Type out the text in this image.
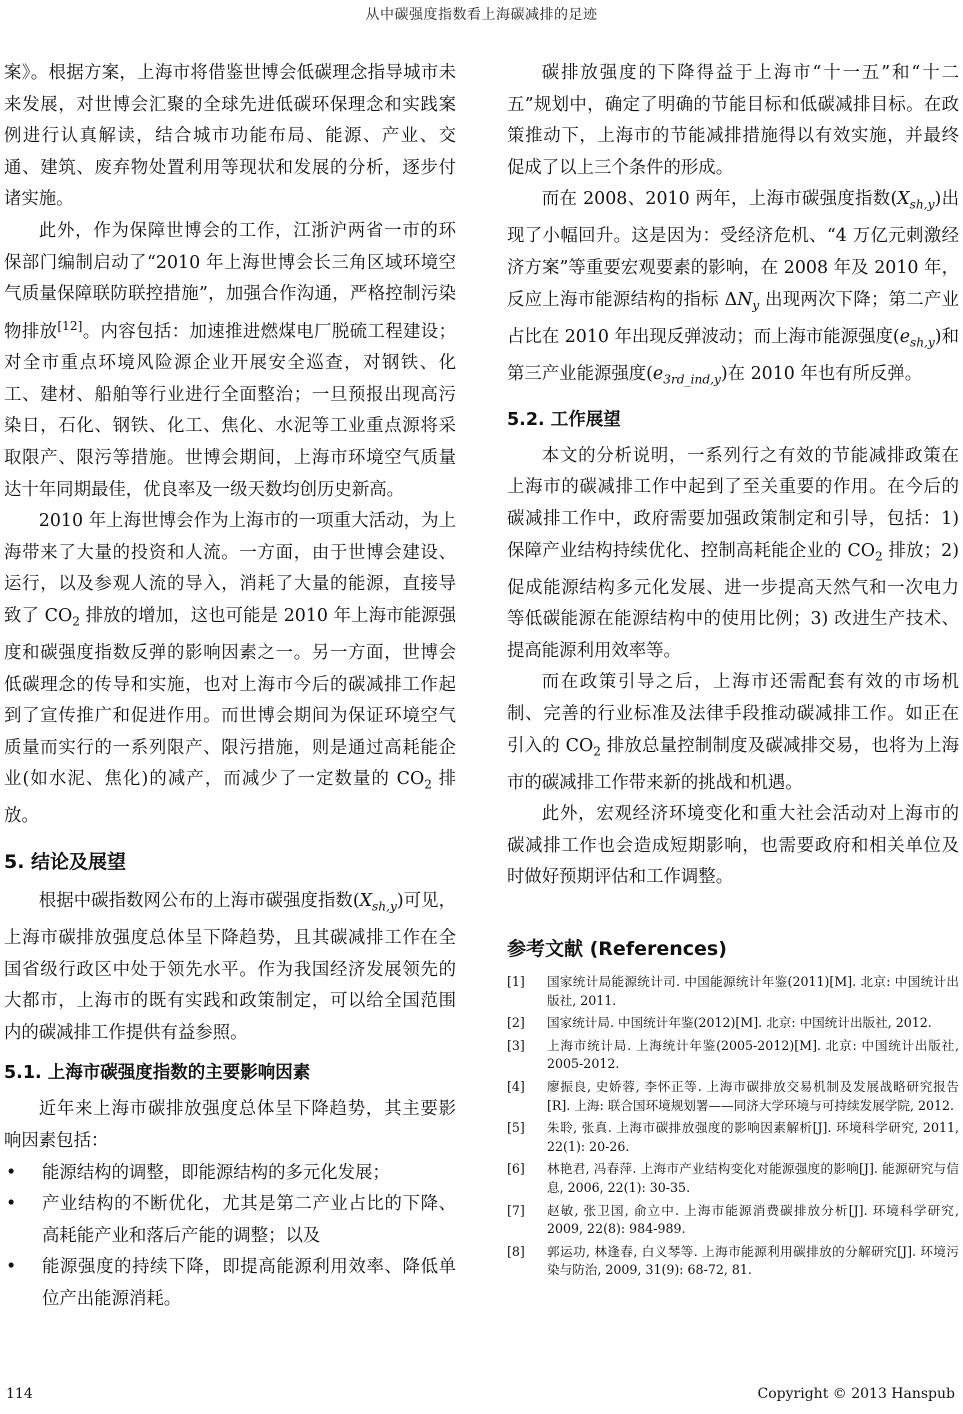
从中碳强度指数看上海碳减排的足迹

案》。根据方案，上海市将借鉴世博会低碳理念指导城市未来发展，对世博会汇聚的全球先进低碳环保理念和实践案例进行认真解读，结合城市功能布局、能源、产业、交通、建筑、废弃物处置利用等现状和发展的分析，逐步付诸实施。

此外，作为保障世博会的工作，江浙沪两省一市的环保部门编制启动了“2010 年上海世博会长三角区域环境空气质量保障联防联控措施”，加强合作沟通，严格控制污染物排放[12]。内容包括：加速推进燃煤电厂脱硫工程建设；对全市重点环境风险源企业开展安全巡查，对钢铁、化工、建材、船舶等行业进行全面整治；一旦预报出现高污染日，石化、钢铁、化工、焦化、水泥等工业重点源将采取限产、限污等措施。世博会期间，上海市环境空气质量达十年同期最佳，优良率及一级天数均创历史新高。

2010 年上海世博会作为上海市的一项重大活动，为上海带来了大量的投资和人流。一方面，由于世博会建设、运行，以及参观人流的导入，消耗了大量的能源，直接导致了 $CO_2$ 排放的增加，这也可能是 2010 年上海市能源强度和碳强度指数反弹的影响因素之一。另一方面，世博会低碳理念的传导和实施，也对上海市今后的碳减排工作起到了宣传推广和促进作用。而世博会期间为保证环境空气质量而实行的一系列限产、限污措施，则是通过高耗能企业(如水泥、焦化)的减产，而减少了一定数量的 $CO_2$ 排放。

5. 结论及展望

根据中碳指数网公布的上海市碳强度指数$(X_{sh,y})$可见，上海市碳排放强度总体呈下降趋势，且其碳减排工作在全国省级行政区中处于领先水平。作为我国经济发展领先的大都市，上海市的既有实践和政策制定，可以给全国范围内的碳减排工作提供有益参照。

5.1. 上海市碳强度指数的主要影响因素

近年来上海市碳排放强度总体呈下降趋势，其主要影响因素包括：

• 能源结构的调整，即能源结构的多元化发展；
• 产业结构的不断优化，尤其是第二产业占比的下降、高耗能产业和落后产能的调整；以及
• 能源强度的持续下降，即提高能源利用效率、降低单位产出能源消耗。

碳排放强度的下降得益于上海市“十一五”和“十二五”规划中，确定了明确的节能目标和低碳减排目标。在政策推动下，上海市的节能减排措施得以有效实施，并最终促成了以上三个条件的形成。

而在 2008、2010 两年，上海市碳强度指数$(X_{sh,y})$出现了小幅回升。这是因为：受经济危机、“4 万亿元刺激经济方案”等重要宏观要素的影响，在 2008 年及 2010 年，反应上海市能源结构的指标 $\Delta N_y$ 出现两次下降；第二产业占比在 2010 年出现反弹波动；而上海市能源强度$(e_{sh,y})$和第三产业能源强度$(e_{3rd\_ind,y})$在 2010 年也有所反弹。

5.2. 工作展望

本文的分析说明，一系列行之有效的节能减排政策在上海市的碳减排工作中起到了至关重要的作用。在今后的碳减排工作中，政府需要加强政策制定和引导，包括：1) 保障产业结构持续优化、控制高耗能企业的 $CO_2$ 排放；2) 促成能源结构多元化发展、进一步提高天然气和一次电力等低碳能源在能源结构中的使用比例；3) 改进生产技术、提高能源利用效率等。

而在政策引导之后，上海市还需配套有效的市场机制、完善的行业标准及法律手段推动碳减排工作。如正在引入的 $CO_2$ 排放总量控制制度及碳减排交易，也将为上海市的碳减排工作带来新的挑战和机遇。

此外，宏观经济环境变化和重大社会活动对上海市的碳减排工作也会造成短期影响，也需要政府和相关单位及时做好预期评估和工作调整。

参考文献 (References)
[1]	国家统计局能源统计司. 中国能源统计年鉴(2011)[M]. 北京: 中国统计出版社, 2011.
[2]	国家统计局. 中国统计年鉴(2012)[M]. 北京: 中国统计出版社, 2012.
[3]	上海市统计局. 上海统计年鉴(2005-2012)[M]. 北京: 中国统计出版社, 2005-2012.
[4]	廖振良, 史娇蓉, 李怀正等. 上海市碳排放交易机制及发展战略研究报告[R]. 上海: 联合国环境规划署——同济大学环境与可持续发展学院, 2012.
[5]	朱聆, 张真. 上海市碳排放强度的影响因素解析[J]. 环境科学研究, 2011, 22(1): 20-26.
[6]	林艳君, 冯春萍. 上海市产业结构变化对能源强度的影响[J]. 能源研究与信息, 2006, 22(1): 30-35.
[7]	赵敏, 张卫国, 俞立中. 上海市能源消费碳排放分析[J]. 环境科学研究, 2009, 22(8): 984-989.
[8]	郭运功, 林逢春, 白义琴等. 上海市能源利用碳排放的分解研究[J]. 环境污染与防治, 2009, 31(9): 68-72, 81.
114	Copyright © 2013 Hanspub
